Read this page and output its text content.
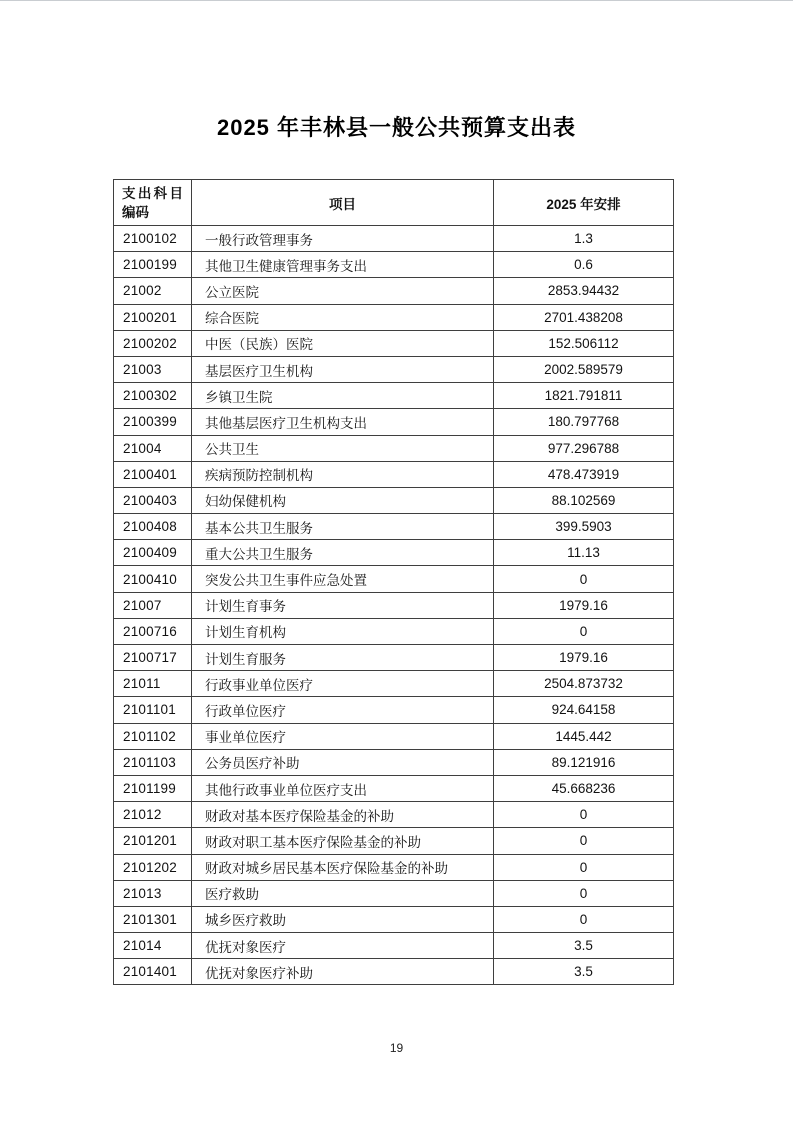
2025 年丰林县一般公共预算支出表
支出科目
编码	项目	2025 年安排
2100102	一般行政管理事务	1.3
2100199	其他卫生健康管理事务支出	0.6
21002	公立医院	2853.94432
2100201	综合医院	2701.438208
2100202	中医（民族）医院	152.506112
21003	基层医疗卫生机构	2002.589579
2100302	乡镇卫生院	1821.791811
2100399	其他基层医疗卫生机构支出	180.797768
21004	公共卫生	977.296788
2100401	疾病预防控制机构	478.473919
2100403	妇幼保健机构	88.102569
2100408	基本公共卫生服务	399.5903
2100409	重大公共卫生服务	11.13
2100410	突发公共卫生事件应急处置	0
21007	计划生育事务	1979.16
2100716	计划生育机构	0
2100717	计划生育服务	1979.16
21011	行政事业单位医疗	2504.873732
2101101	行政单位医疗	924.64158
2101102	事业单位医疗	1445.442
2101103	公务员医疗补助	89.121916
2101199	其他行政事业单位医疗支出	45.668236
21012	财政对基本医疗保险基金的补助	0
2101201	财政对职工基本医疗保险基金的补助	0
2101202	财政对城乡居民基本医疗保险基金的补助	0
21013	医疗救助	0
2101301	城乡医疗救助	0
21014	优抚对象医疗	3.5
2101401	优抚对象医疗补助	3.5
19
